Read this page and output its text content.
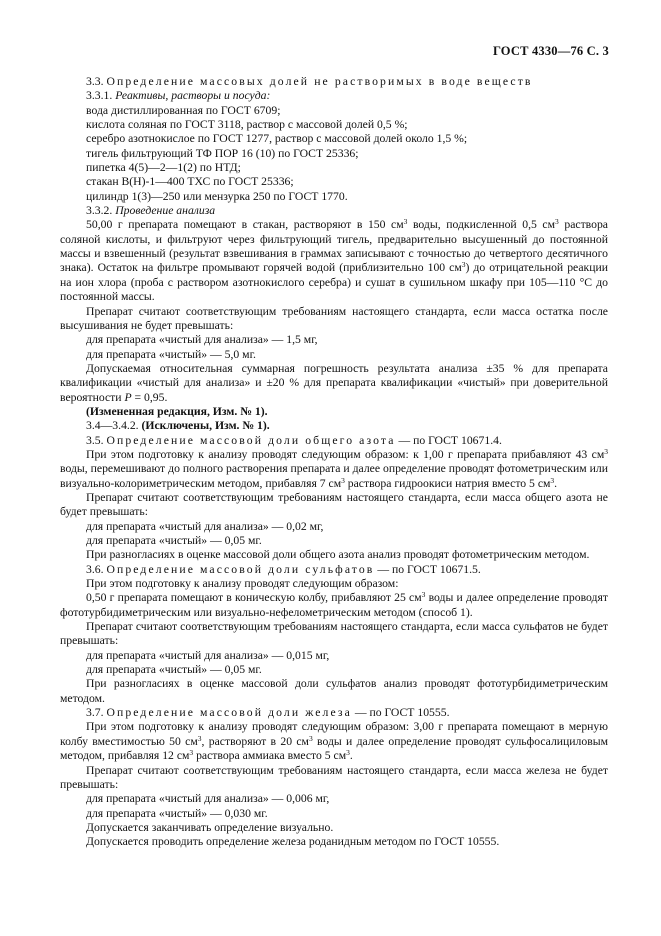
ГОСТ 4330—76 С. 3

3.3. Определение массовых долей не растворимых в воде веществ

3.3.1. Реактивы, растворы и посуда:

вода дистиллированная по ГОСТ 6709;

кислота соляная по ГОСТ 3118, раствор с массовой долей 0,5 %;

серебро азотнокислое по ГОСТ 1277, раствор с массовой долей около 1,5 %;

тигель фильтрующий ТФ ПОР 16 (10) по ГОСТ 25336;

пипетка 4(5)—2—1(2) по НТД;

стакан В(Н)-1—400 ТХС по ГОСТ 25336;

цилиндр 1(3)—250 или мензурка 250 по ГОСТ 1770.

3.3.2. Проведение анализа

50,00 г препарата помещают в стакан, растворяют в 150 $см^3$ воды, подкисленной 0,5 $см^3$ раствора соляной кислоты, и фильтруют через фильтрующий тигель, предварительно высушенный до постоянной массы и взвешенный (результат взвешивания в граммах записывают с точностью до четвертого десятичного знака). Остаток на фильтре промывают горячей водой (приблизительно 100 $см^3$) до отрицательной реакции на ион хлора (проба с раствором азотнокислого серебра) и сушат в сушильном шкафу при 105—110 °С до постоянной массы.

Препарат считают соответствующим требованиям настоящего стандарта, если масса остатка после высушивания не будет превышать:

для препарата «чистый для анализа» — 1,5 мг,

для препарата «чистый» — 5,0 мг.

Допускаемая относительная суммарная погрешность результата анализа ±35 % для препарата квалификации «чистый для анализа» и ±20 % для препарата квалификации «чистый» при доверительной вероятности P = 0,95.

(Измененная редакция, Изм. № 1).

3.4—3.4.2. (Исключены, Изм. № 1).

3.5. Определение массовой доли общего азота — по ГОСТ 10671.4.

При этом подготовку к анализу проводят следующим образом: к 1,00 г препарата прибавляют 43 $см^3$ воды, перемешивают до полного растворения препарата и далее определение проводят фотометрическим или визуально-колориметрическим методом, прибавляя 7 $см^3$ раствора гидроокиси натрия вместо 5 $см^3$.

Препарат считают соответствующим требованиям настоящего стандарта, если масса общего азота не будет превышать:

для препарата «чистый для анализа» — 0,02 мг,

для препарата «чистый» — 0,05 мг.

При разногласиях в оценке массовой доли общего азота анализ проводят фотометрическим методом.

3.6. Определение массовой доли сульфатов — по ГОСТ 10671.5.

При этом подготовку к анализу проводят следующим образом:

0,50 г препарата помещают в коническую колбу, прибавляют 25 $см^3$ воды и далее определение проводят фототурбидиметрическим или визуально-нефелометрическим методом (способ 1).

Препарат считают соответствующим требованиям настоящего стандарта, если масса сульфатов не будет превышать:

для препарата «чистый для анализа» — 0,015 мг,

для препарата «чистый» — 0,05 мг.

При разногласиях в оценке массовой доли сульфатов анализ проводят фототурбидиметрическим методом.

3.7. Определение массовой доли железа — по ГОСТ 10555.

При этом подготовку к анализу проводят следующим образом: 3,00 г препарата помещают в мерную колбу вместимостью 50 $см^3$, растворяют в 20 $см^3$ воды и далее определение проводят сульфосалициловым методом, прибавляя 12 $см^3$ раствора аммиака вместо 5 $см^3$.

Препарат считают соответствующим требованиям настоящего стандарта, если масса железа не будет превышать:

для препарата «чистый для анализа» — 0,006 мг,

для препарата «чистый» — 0,030 мг.

Допускается заканчивать определение визуально.

Допускается проводить определение железа роданидным методом по ГОСТ 10555.
